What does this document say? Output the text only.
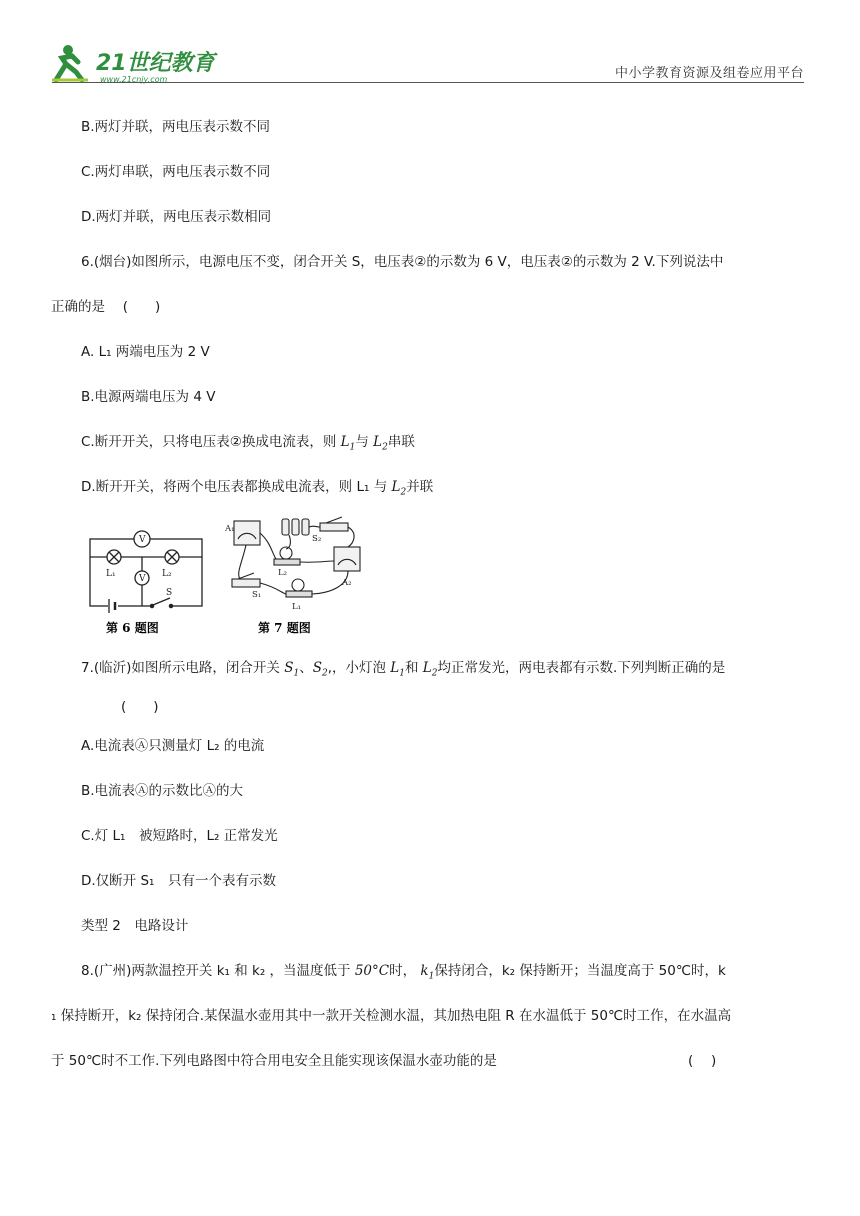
21世纪教育
www.21cnjy.com	中小学教育资源及组卷应用平台
B.两灯并联，两电压表示数不同
C.两灯串联，两电压表示数不同
D.两灯并联，两电压表示数相同
6.(烟台)如图所示，电源电压不变，闭合开关 S，电压表②的示数为 6 V，电压表②的示数为 2 V.下列说法中
正确的是　 (　　)
A. L₁ 两端电压为 2 V
B.电源两端电压为 4 V
C.断开开关，只将电压表②换成电流表，则 $L_1$与 $L_2$串联
D.断开开关，将两个电压表都换成电流表，则 L₁ 与 $L_2$并联
V
V
L₁	L₂
S
第 6 题图
A₁
S₂
L₂
A₂
S₁
L₁
第 7 题图
7.(临沂)如图所示电路，闭合开关 $S_1$、$S_2$,，小灯泡 $L_1$和 $L_2$均正常发光，两电表都有示数.下列判断正确的是
(　　)
A.电流表Ⓐ只测量灯 L₂ 的电流
B.电流表Ⓐ的示数比Ⓐ的大
C.灯 L₁　被短路时，L₂ 正常发光
D.仅断开 S₁　只有一个表有示数
类型 2　电路设计
8.(广州)两款温控开关 k₁ 和 k₂ ，当温度低于 50°C时， $k_1$保持闭合，k₂ 保持断开；当温度高于 50℃时，k
₁ 保持断开，k₂ 保持闭合.某保温水壶用其中一款开关检测水温，其加热电阻 R 在水温低于 50℃时工作，在水温高
于 50℃时不工作.下列电路图中符合用电安全且能实现该保温水壶功能的是	(　 )
